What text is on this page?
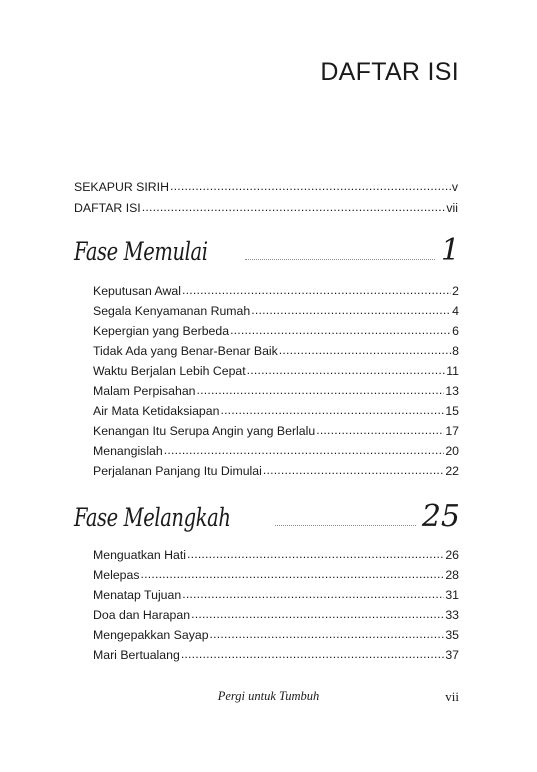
DAFTAR ISI
SEKAPUR SIRIH .....	v
DAFTAR ISI .....	vii
Fase Memulai	1
Keputusan Awal .....	2
Segala Kenyamanan Rumah .....	4
Kepergian yang Berbeda .....	6
Tidak Ada yang Benar-Benar Baik .....	8
Waktu Berjalan Lebih Cepat .....	11
Malam Perpisahan .....	13
Air Mata Ketidaksiapan .....	15
Kenangan Itu Serupa Angin yang Berlalu .....	17
Menangislah .....	20
Perjalanan Panjang Itu Dimulai .....	22
Fase Melangkah	25
Menguatkan Hati .....	26
Melepas .....	28
Menatap Tujuan .....	31
Doa dan Harapan .....	33
Mengepakkan Sayap .....	35
Mari Bertualang .....	37
Pergi untuk Tumbuh	vii
